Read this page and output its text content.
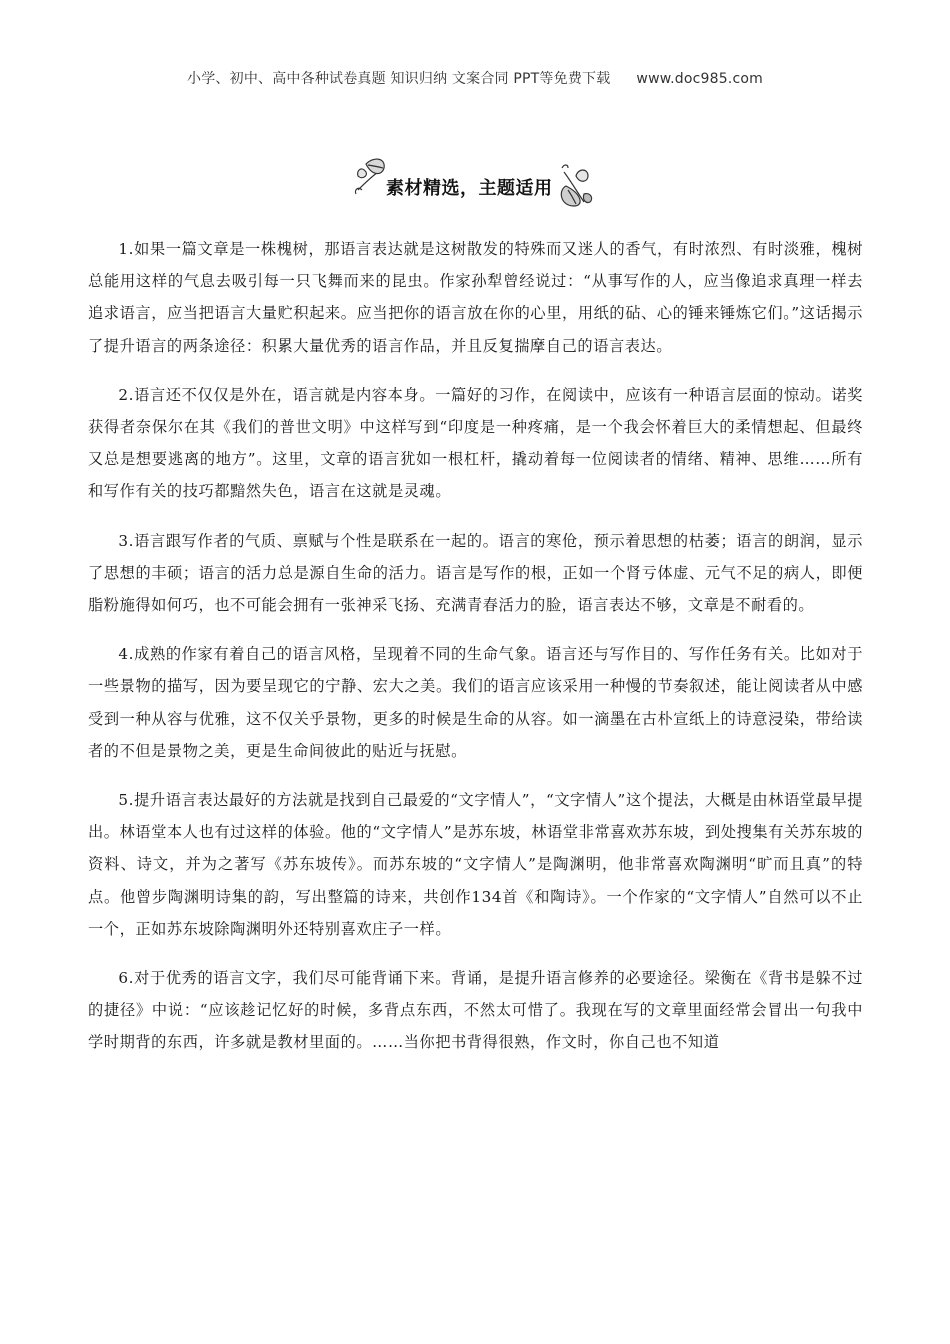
小学、初中、高中各种试卷真题 知识归纳 文案合同 PPT等免费下载 www.doc985.com
素材精选，主题适用

1.如果一篇文章是一株槐树，那语言表达就是这树散发的特殊而又迷人的香气，有时浓烈、有时淡雅，槐树总能用这样的气息去吸引每一只飞舞而来的昆虫。作家孙犁曾经说过：“从事写作的人，应当像追求真理一样去追求语言，应当把语言大量贮积起来。应当把你的语言放在你的心里，用纸的砧、心的锤来锤炼它们。”这话揭示了提升语言的两条途径：积累大量优秀的语言作品，并且反复揣摩自己的语言表达。

2.语言还不仅仅是外在，语言就是内容本身。一篇好的习作，在阅读中，应该有一种语言层面的惊动。诺奖获得者奈保尔在其《我们的普世文明》中这样写到“印度是一种疼痛，是一个我会怀着巨大的柔情想起、但最终又总是想要逃离的地方”。这里，文章的语言犹如一根杠杆，撬动着每一位阅读者的情绪、精神、思维……所有和写作有关的技巧都黯然失色，语言在这就是灵魂。

3.语言跟写作者的气质、禀赋与个性是联系在一起的。语言的寒伧，预示着思想的枯萎；语言的朗润，显示了思想的丰硕；语言的活力总是源自生命的活力。语言是写作的根，正如一个肾亏体虚、元气不足的病人，即便脂粉施得如何巧，也不可能会拥有一张神采飞扬、充满青春活力的脸，语言表达不够，文章是不耐看的。

4.成熟的作家有着自己的语言风格，呈现着不同的生命气象。语言还与写作目的、写作任务有关。比如对于一些景物的描写，因为要呈现它的宁静、宏大之美。我们的语言应该采用一种慢的节奏叙述，能让阅读者从中感受到一种从容与优雅，这不仅关乎景物，更多的时候是生命的从容。如一滴墨在古朴宣纸上的诗意浸染，带给读者的不但是景物之美，更是生命间彼此的贴近与抚慰。

5.提升语言表达最好的方法就是找到自己最爱的“文字情人”，“文字情人”这个提法，大概是由林语堂最早提出。林语堂本人也有过这样的体验。他的“文字情人”是苏东坡，林语堂非常喜欢苏东坡，到处搜集有关苏东坡的资料、诗文，并为之著写《苏东坡传》。而苏东坡的“文字情人”是陶渊明，他非常喜欢陶渊明“旷而且真”的特点。他曾步陶渊明诗集的韵，写出整篇的诗来，共创作134首《和陶诗》。一个作家的“文字情人”自然可以不止一个，正如苏东坡除陶渊明外还特别喜欢庄子一样。

6.对于优秀的语言文字，我们尽可能背诵下来。背诵，是提升语言修养的必要途径。梁衡在《背书是躲不过的捷径》中说：“应该趁记忆好的时候，多背点东西，不然太可惜了。我现在写的文章里面经常会冒出一句我中学时期背的东西，许多就是教材里面的。……当你把书背得很熟，作文时，你自己也不知道
